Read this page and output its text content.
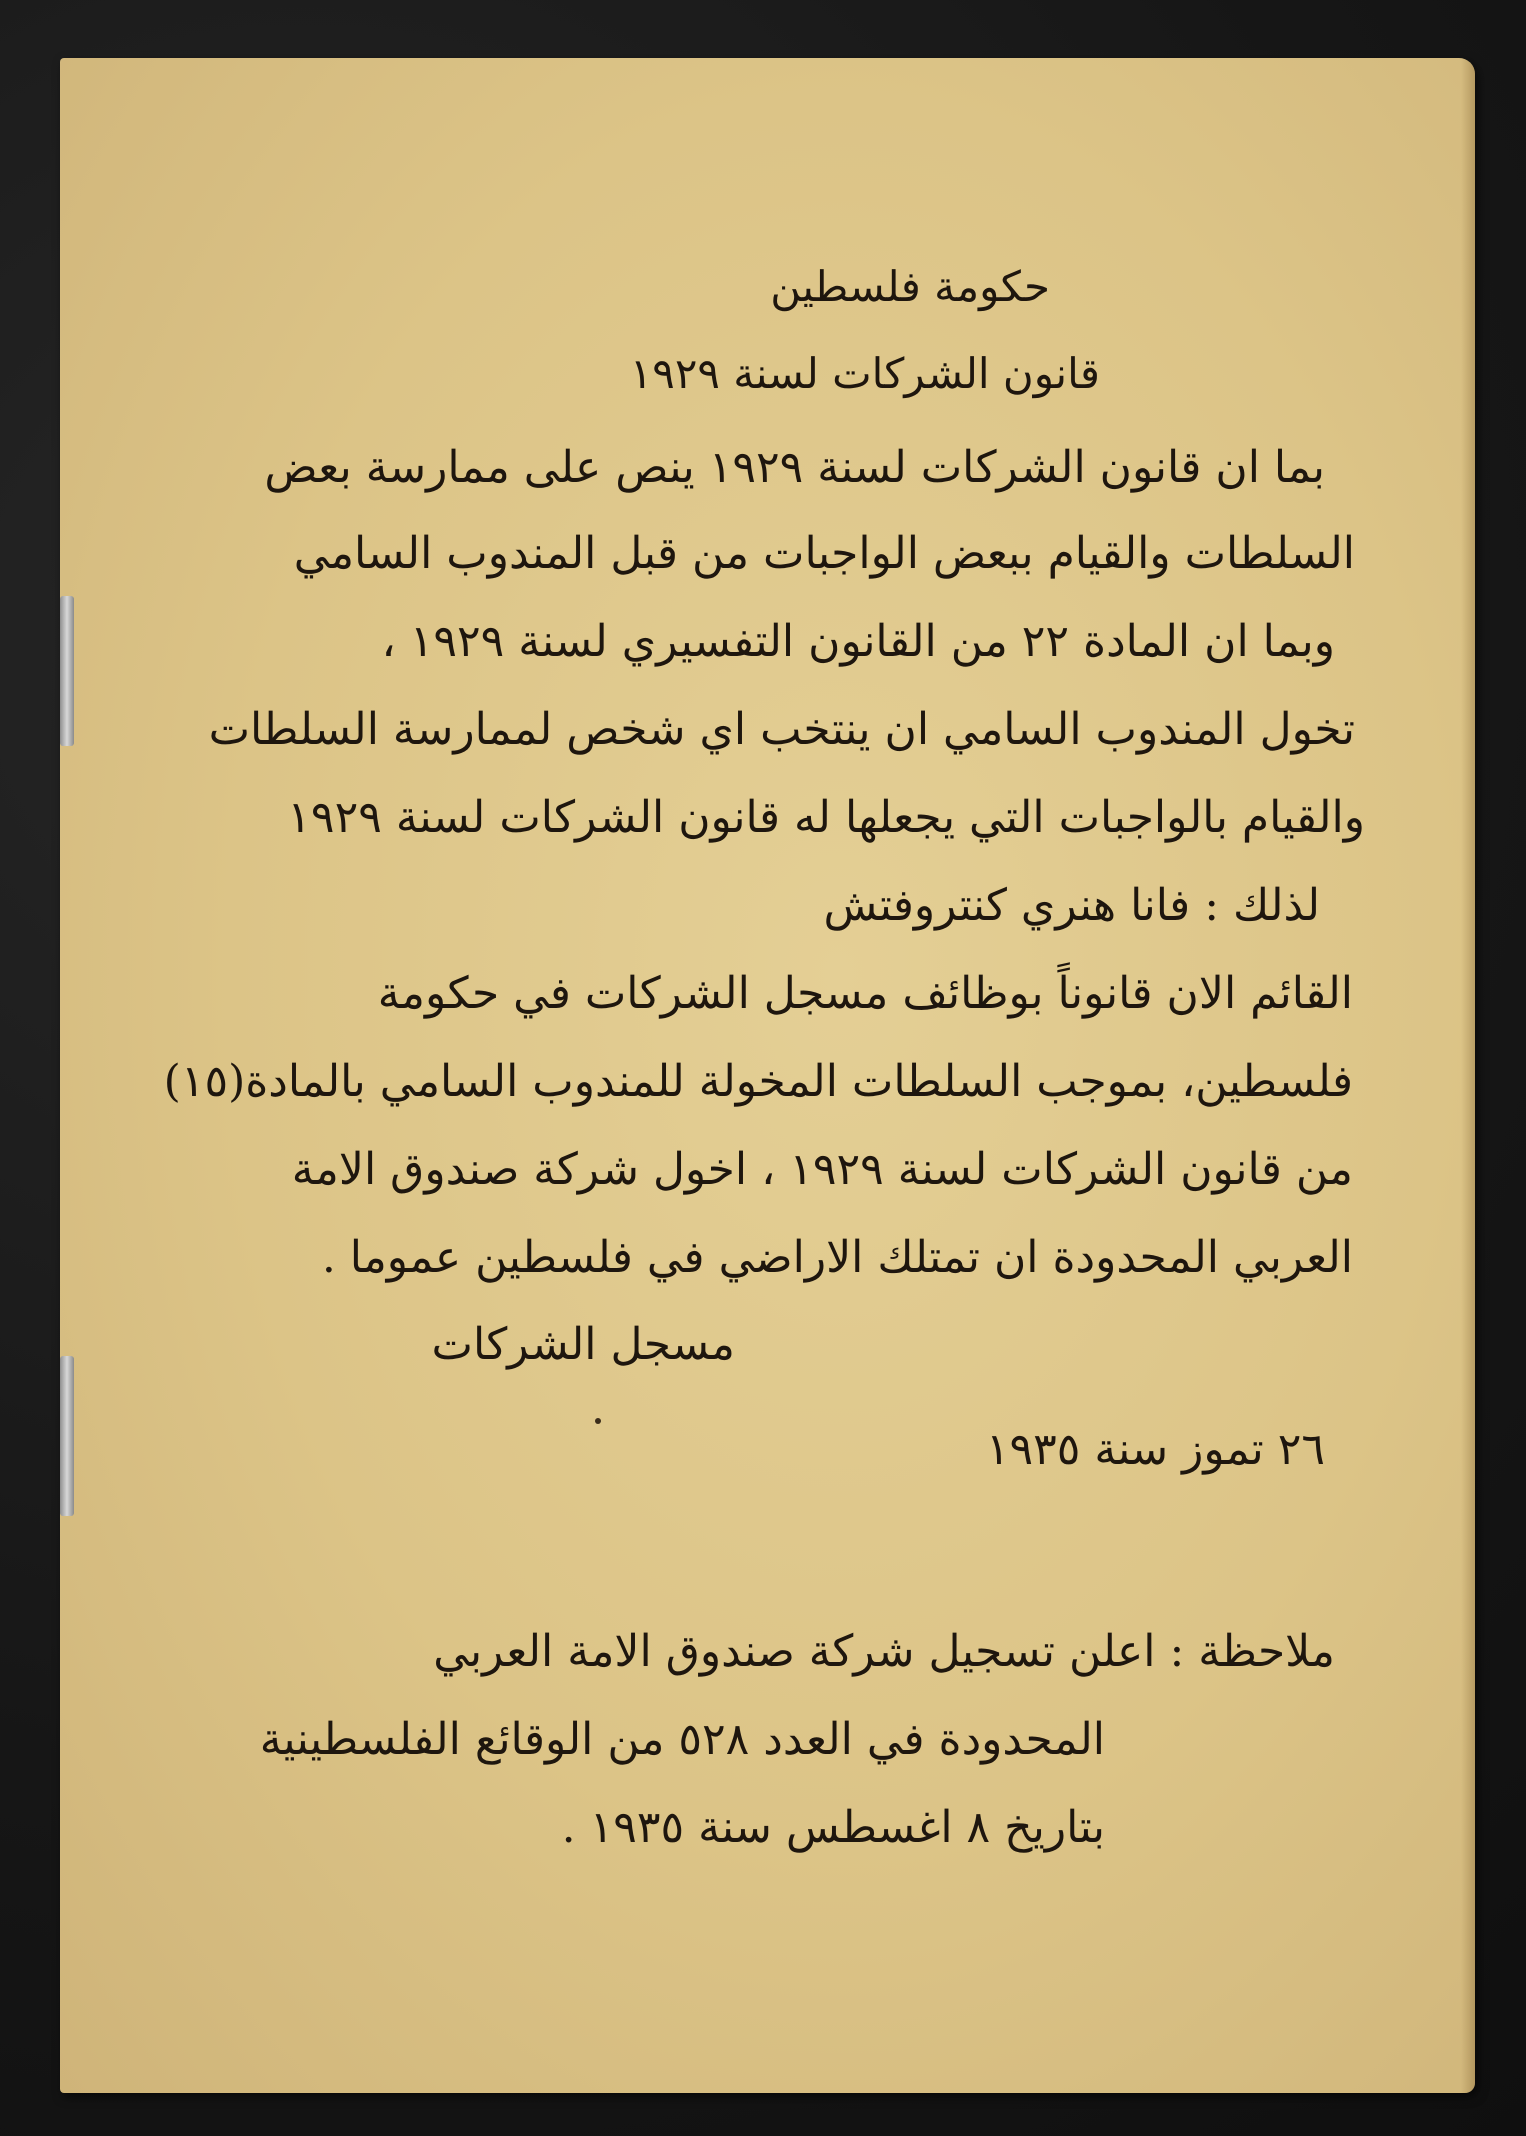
حكومة فلسطين
قانون الشركات لسنة ١٩٢٩
بما ان قانون الشركات لسنة ١٩٢٩ ينص على ممارسة بعض
السلطات والقيام ببعض الواجبات من قبل المندوب السامي
وبما ان المادة ٢٢ من القانون التفسيري لسنة ١٩٢٩ ،
تخول المندوب السامي ان ينتخب اي شخص لممارسة السلطات
والقيام بالواجبات التي يجعلها له قانون الشركات لسنة ١٩٢٩
لذلك : فانا هنري كنتروفتش
القائم الان قانوناً بوظائف مسجل الشركات في حكومة
فلسطين، بموجب السلطات المخولة للمندوب السامي بالمادة(١٥)
من قانون الشركات لسنة ١٩٢٩ ، اخول شركة صندوق الامة
العربي المحدودة ان تمتلك الاراضي في فلسطين عموما .
مسجل الشركات
٢٦ تموز سنة ١٩٣٥
ملاحظة : اعلن تسجيل شركة صندوق الامة العربي
المحدودة في العدد ٥٢٨ من الوقائع الفلسطينية
بتاريخ ٨ اغسطس سنة ١٩٣٥ .
